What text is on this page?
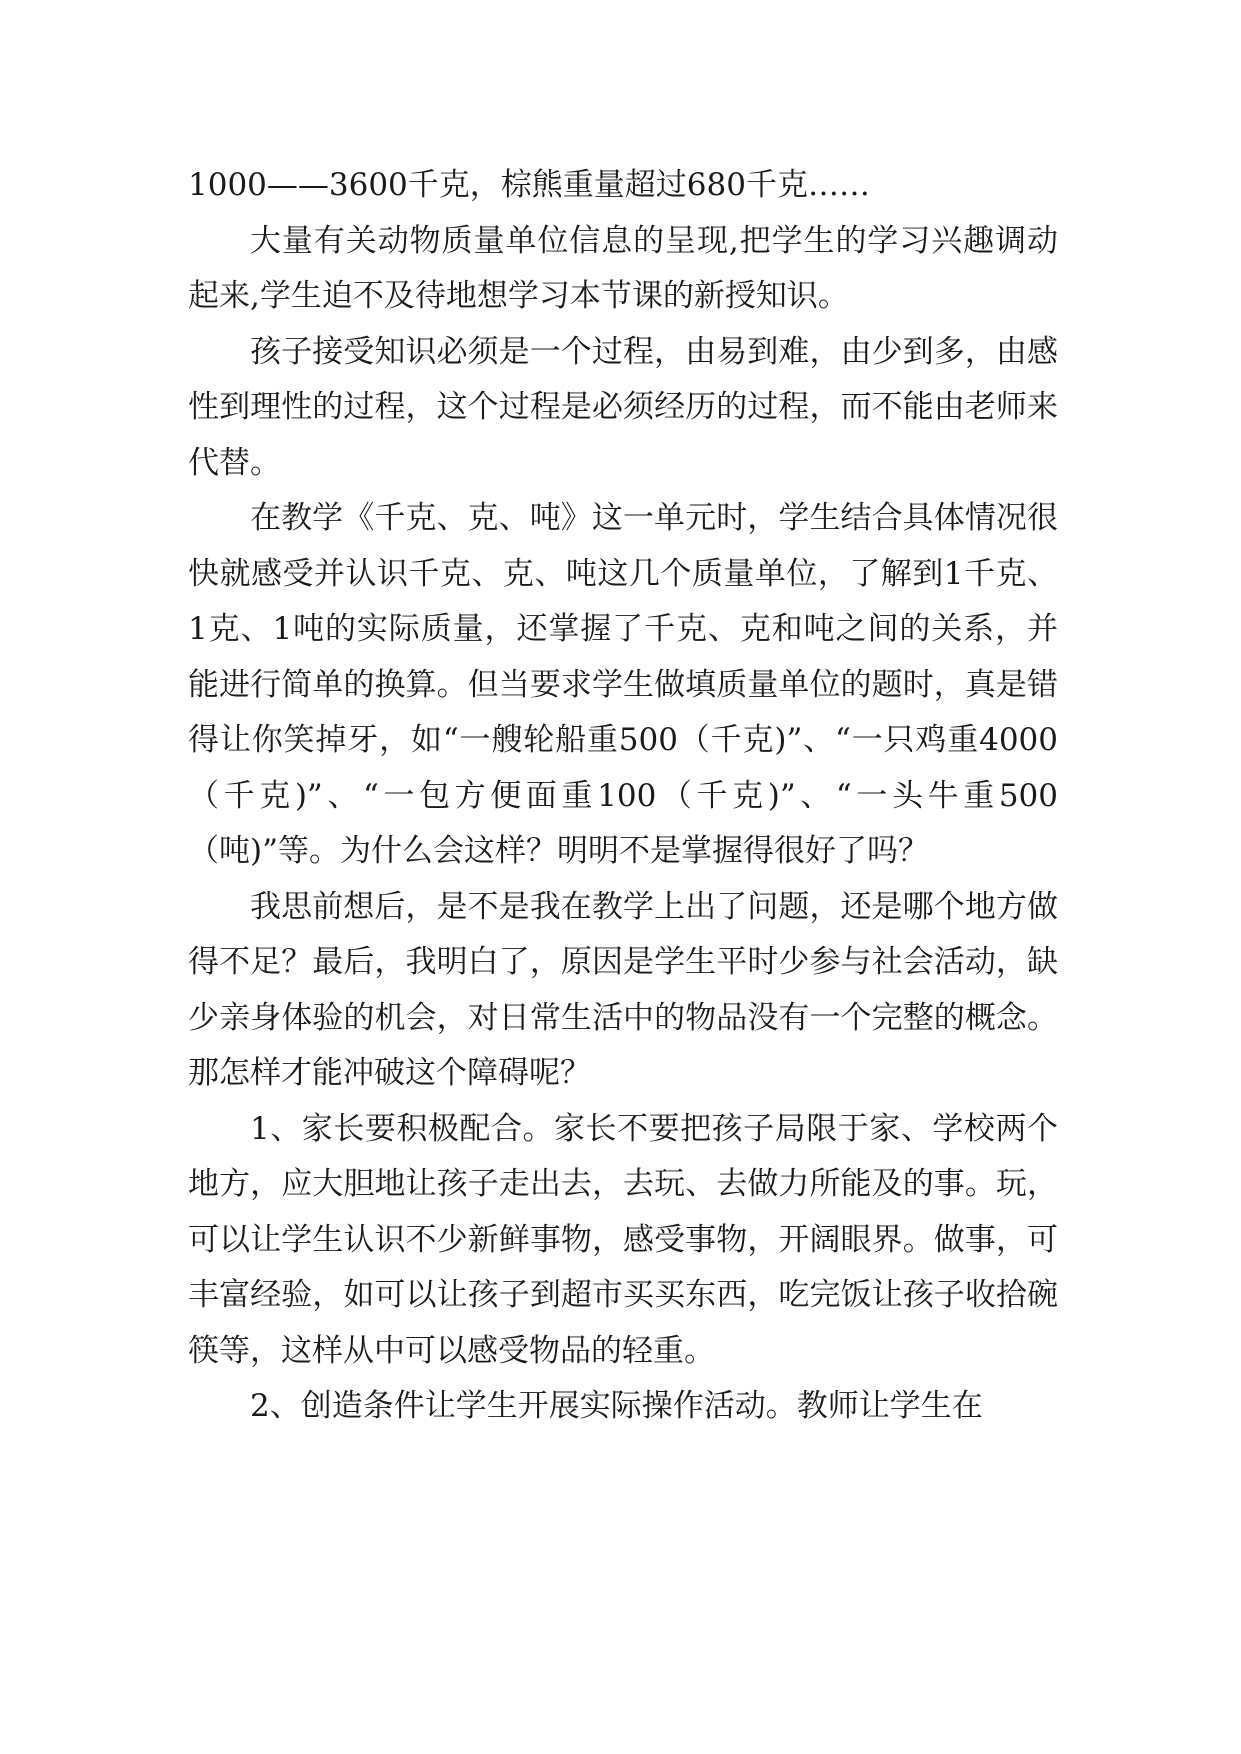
1000——3600千克，棕熊重量超过680千克……

大量有关动物质量单位信息的呈现,把学生的学习兴趣调动起来,学生迫不及待地想学习本节课的新授知识。

孩子接受知识必须是一个过程，由易到难，由少到多，由感性到理性的过程，这个过程是必须经历的过程，而不能由老师来代替。

在教学《千克、克、吨》这一单元时，学生结合具体情况很快就感受并认识千克、克、吨这几个质量单位，了解到1千克、1克、1吨的实际质量，还掌握了千克、克和吨之间的关系，并能进行简单的换算。但当要求学生做填质量单位的题时，真是错得让你笑掉牙，如“一艘轮船重500（千克)”、“一只鸡重4000（千克)”、“一包方便面重100（千克)”、“一头牛重500（吨)”等。为什么会这样？明明不是掌握得很好了吗？

我思前想后，是不是我在教学上出了问题，还是哪个地方做得不足？最后，我明白了，原因是学生平时少参与社会活动，缺少亲身体验的机会，对日常生活中的物品没有一个完整的概念。那怎样才能冲破这个障碍呢？

1、家长要积极配合。家长不要把孩子局限于家、学校两个地方，应大胆地让孩子走出去，去玩、去做力所能及的事。玩，可以让学生认识不少新鲜事物，感受事物，开阔眼界。做事，可丰富经验，如可以让孩子到超市买买东西，吃完饭让孩子收拾碗筷等，这样从中可以感受物品的轻重。

2、创造条件让学生开展实际操作活动。教师让学生在
